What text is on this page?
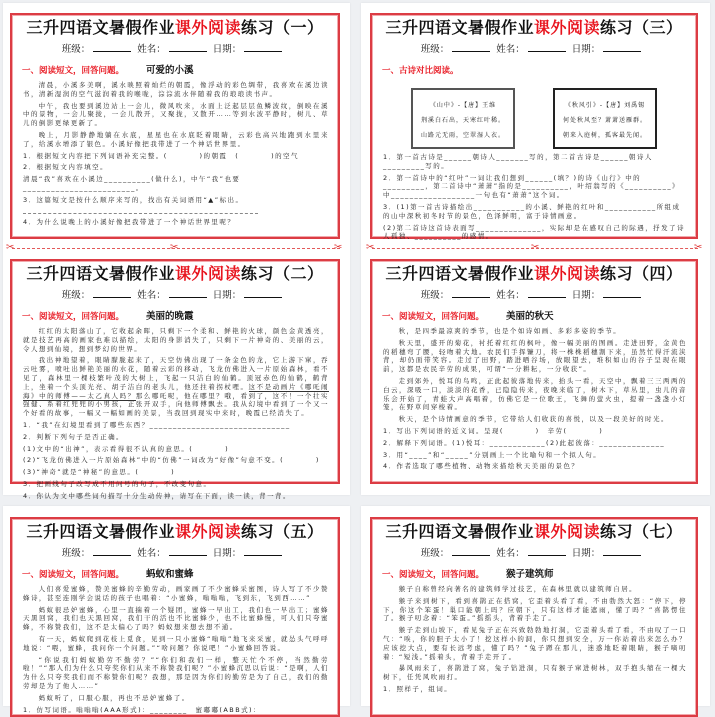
三升四语文暑假作业课外阅读练习（一）
班级：	姓名：	日期：
一、阅读短文，回答问题。 可爱的小溪
清晨，小溪多美啊，溪水映照着灿烂的朝霞，像浮动的彩色绸带，我喜欢在溪边读书，清新湿润的空气滋润着我的喉咙，淙淙流水伴随着我的琅琅读书声。
中午，我也要到溪边站上一会儿，微风吹来，水面上泛起层层鱼鳞波纹，倒映在溪中的景物，一会儿聚拢，一会儿散开，又聚拢，又散开……等到水波平静时，树儿、草儿的倒影更绿更新了。
晚上，月影静静地躺在水底，星星也在水底眨着眼睛，云彩也高兴地跑到水里来了，给溪水增添了银色。小溪好像把我带进了一个神话世界里。
1．根据短文内容把下列词语补充完整。(　　　　)的朝霞　(　　　　)的空气
2．根据短文内容填空。
清晨“我”喜欢在小溪边__________(做什么)，中午“我”也要________________________。
3．这篇短文是按什么顺序来写的，找出有关词语用“▲”标出。
4．为什么说晚上的小溪好像把我带进了一个神话世界里呢？
三升四语文暑假作业课外阅读练习（三）
班级：	姓名：	日期：
一、古诗对比阅读。
《山中》-【唐】王维
荆溪白石出，天寒红叶稀。
山路元无雨，空翠湿人衣。
《秋风引》-【唐】刘禹锡
何处秋风至？萧萧送雁群。
朝来入庭树，孤客最先闻。
1．第一首古诗是______朝诗人_______写的，第二首古诗是______朝诗人_________写的。
2．第一首诗中的“红叶”一词让我们想到______(填？)的诗《山行》中的_________，第二首诗中“萧萧”指的是__________，叶绍翁写的《__________》中__________________一句也有“萧萧”这个词。
3．(1)第一首古诗描绘出___________的小溪、鲜艳的红叶和___________所组成的山中深秋初冬时节的景色，色泽鲜明，富于诗情画意。
(2)第二首诗这首诗表面写______________，实际却是在感叹自己的际遇，抒发了诗人孤独、__________的感情。
三升四语文暑假作业课外阅读练习（二）
班级：	姓名：	日期：
一、阅读短文，回答问题。 美丽的晚霞
红红的太阳落山了，它收起余晖，只剩下一个柔和、鲜艳的火球，颜色金黄透亮，就是技艺再高的画家也难以描绘，太阳的身影消失了，只剩下一片神奇的、美丽的云，令人想到仙境，想到梦幻的世界。
我出神地望着，眼睛朦胧起来了，天空仿佛出现了一条金色的龙，它上游下窜，吞云吐雾，喷吐出鲜艳美丽的水花，随着云彩的移动，飞龙仿佛进入一片原始森林，看不见了，森林里一棵枝繁叶茂的大树上，飞起一只洁白的仙鹤。顶冠赤色的仙鹤，鹤背上，坐着一个头顶光亮、胡子洁白的老头儿，他还拄着拐杖哩。这不是动画片《哪吒闹海》中的师傅——太乙真人吗？那么哪吒呢，他在哪里？哦，看到了，这不！一个壮实强健、系着红兜兜的小男孩，正张开双手，向他师傅飘去。我从幻境中看到了一个又一个好看的故事，一幅又一幅如画的美景，当我回到现实中来时，晚霞已经消失了。
1．“我”在幻境里看到了哪些东西？______________________________
2．判断下列句子是否正确。
(1)文中的“出神”，表示看得很不认真的意思。(　　　　)
(2)“飞龙仿佛进入一片原始森林”中的“仿佛”一词改为“好像”句意不变。(　　　　)
(3)“神奇”就是“神秘”的意思。(　　　　)
3．把画线句子改写成不用问号的句子，不改变句意。
4．你认为文中哪些词句描写十分生动传神，请写在下面，读一读，背一背。
三升四语文暑假作业课外阅读练习（四）
班级：	姓名：	日期：
一、阅读短文，回答问题。 美丽的秋天
秋，是四季最凉爽的季节，也是个如诗如画、多彩多姿的季节。
秋天里，盛开的菊花，衬托着红红的枫叶，像一幅美丽的图画。走进田野，金黄色的稻穗弯了腰，轻吻着大地。农民们手挥镰刀，将一株株稻穗割下来，虽然忙得汗流浃背，却仍面带笑容。走过了田野，踏进晒谷场，放眼望去，堆积如山的谷子呈现在眼前，这都是农民辛劳的成果，可谓“一分耕耘，一分收获”。
走到郊外，悦耳的鸟鸣，正此起彼落地传来，抬头一看，天空中，飘着三三两两的白云，深吸一口，淡淡的花香，已隐隐传来，夜晚来临了，树木下，草丛里，虫儿的音乐会开始了，青蛙大声高唱着，仿佛它是一位歌王，飞舞的萤火虫，提着一盏盏小灯笼，在野草间穿梭着。
秋天，是个诗情画意的季节，它带给人们收获的喜悦，以及一段美好的时光。
1．写出下列词语的近义词。呈现(　　　　)　辛劳(　　　　)
2．解释下列词语。(1)悦耳：____________(2)此起彼落：______________
3．用“____”和“_____”分别画上一个比喻句和一个拟人句。
4．作者选取了哪些植物、动物来描绘秋天美丽的景色？
三升四语文暑假作业课外阅读练习（五）
班级：	姓名：	日期：
一、阅读短文，回答问题。 蚂蚁和蜜蜂
人们喜爱蜜蜂，赞美蜜蜂的辛勤劳动，画家画了不少蜜蜂采蜜图，诗人写了不少赞蜂诗，甚至连刚学会说话的孩子也唱着：“小蜜蜂，嗡嗡嗡，飞到东，飞到西……”
蚂蚁很忌妒蜜蜂，心里一直揣着一个疑团，蜜蜂一早出工，我们也一早出工；蜜蜂天黑回窝，我们也天黑回窝，我们干的活也不比蜜蜂少，也不比蜜蜂慢，可人们只夸蜜蜂，不称赞我们，这不是太偏心了吗？蚂蚁想来想去想不通。
有一天，蚂蚁爬到花枝上觅食，见到一只小蜜蜂“嗡嗡”地飞来采蜜，就怂头气呼呼地说：“喂，蜜蜂，我问你一个问题。”“啥问题？你说吧！”小蜜蜂回答说。
“你说我们蚂蚁勤劳不勤劳？”“你们和我们一样，整天忙个不停，当然勤劳啦！”“那人们为什么只夸奖你们从来不称赞我们呢？”小蜜蜂沉思以后说：“是啊，人们为什么只夸奖我们而不称赞你们呢？我想，那是因为你们的勤劳是为了自己，我们的勤劳却是为了他人……”
蚂蚁听了，口服心服，再也不忌妒蜜蜂了。
1．仿写词语。嗡嗡嗡(AAA形式)：________　蜜嘟嘟(ABB式)：
三升四语文暑假作业课外阅读练习（七）
班级：	姓名：	日期：
一、阅读短文，回答问题。 猴子建筑师
猴子自称曾经向著名的建筑师学过技艺，在森林里就以建筑师自居。
猴子来到树下，看到喜鹊正在搭窝，它歪着头看了看，不由勃然大怒：“停下，停下，你这个笨蛋！巢口能朝上吗？应朝下，只有这样才能遮雨，懂了吗？”喜鹊愣住了。猴子叨念着：“笨蛋。”摇摇头，背着手走了。
猴子走到山坡下，看见兔子正在兴致勃勃地打洞，它歪着头看了看，不由叹了一口气：“唉，你的胆子太小了！挖这样小的洞，你只想到安全，万一你站着出来怎么办？应该挖大点，要有长远考虑，懂了吗？”兔子蹲在那儿，迷惑地眨着眼睛，猴子嘀叨着：“短浅。”摇着头，背着手走开了。
暴风雨来了，喜鹊进了窝，兔子钻进洞，只有猴子窜进树林，双手抱头缩在一棵大树下，任凭风吹雨打。
1．照样子，组词。
✂	✂	✂ ✂	✂	✂
